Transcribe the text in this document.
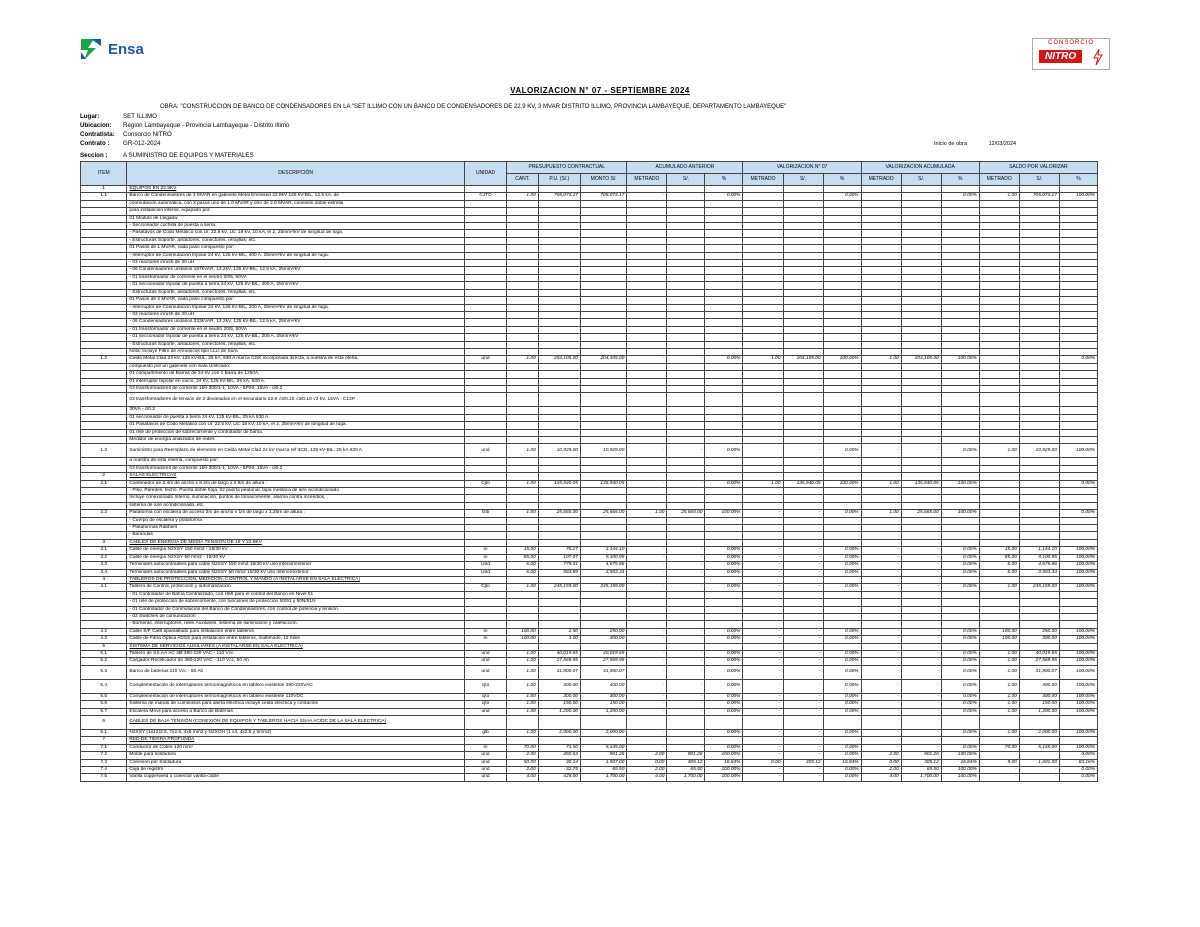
Ensa	CONSORCIO
NITRO
VALORIZACION N° 07 - SEPTIEMBRE 2024
OBRA: "CONSTRUCCION DE BANCO DE CONDENSADORES EN LA "SET ILLIMO CON UN BANCO DE CONDENSADORES DE 22.9 KV, 3 MVAR DISTRITO ILLIMO, PROVINCIA LAMBAYEQUE, DEPARTAMENTO LAMBAYEQUE"
Lugar:	SET ILLIMO
Ubicacion: Región Lambayeque - Provincia Lambayeque - Distrito Illimo
Contratista: Consorcio NITRO
Contrato : GR-012-2024
Seccion : A SUMINISTRO DE EQUIPOS Y MATERIALES
Inicio de obra	12/03/2024
ITEM	DESCRIPCIÓN	UNIDAD	PRESUPUESTO CONTRACTUAL			ACUMULADO ANTERIOR			VALORIZACION N° 07			VALORIZACION ACUMULADA			SALDO POR VALORIZAR		
			CANT.	P.U. (S/.)	MONTO S/.	METRADO	S/.	%	METRADO	S/.	%	METRADO	S/.	%	METRADO	S/.	%
1	EQUIPOS EN 22.9KV																
1.1	Banco de Condensadores de 3 MVAR en gabinete Metal Enclosed 22.9kV 125 kV-BIL, 12.5 kA, de	CJTO	1.00	705,073.17	705,073.17	-	-	0.00%		-	0.00%	-	-	0.00%	1.00	705,073.17	100.00%
	conmutación automática, con 2 pasos uno de 1.0 MVAR y otro de 2.0 MVAR, conexión doble estrella																
	para instalación interior, equipado por:																
	01 Modulo de Llegada:																
	- Seccionador cuchilla de puesta a tierra																
	- Pasatavos de Codo Metálico con Ui: 22.5 kV, Uc: 18 kV, 10 kA, el 2, 25mm²/kV de longitud de fuga.																
	- Estructuras Soporte, aisladores, conectores, rerajillas, etc.																
	01 Pasos de 1 MVAR, cada paso compuesto por:																
	- Interruptor de Conmutación tripolar 24 kV, 125 kV-BIL, 400 A, 25mm²/kV de longitud de fuga.																
	- 03 reactores inrush de 30 uH																
	- 06 Condensadores unitarios 167kVAR, 13.2kV, 125 kV-BIL, 12.5 kA, 25mm²/kV																
	- 01 transformador de corriente en el neutro 20/5, 50VA																
	- 01 seccionador tripolar de puesta a tierra 24 kV, 125 kV-BIL, 400 A, 25mm²/kV																
	- Estructuras Soporte, aisladores, conectores, rerajillas, etc.																
	01 Pasos de 2 MVAR, cada paso compuesto por:																
	- Interruptor de Conmutación tripolar 24 kV, 125 kV-BIL, 200 A, 25mm²/kV de longitud de fuga.																
	- 03 reactores inrush de 30 uH																
	- 06 Condensadores unitarios 333kVAR, 13.2kV, 125 kV-BIL, 12.5 kA, 25mm²/kV																
	- 01 transformador de corriente en el neutro 20/5, 50VA																
	- 01 seccionador tripolar de puesta a tierra 24 kV, 125 kV-BIL, 200 A, 25mm²/kV																
	- Estructuras Soporte, aisladores, conectores, rerajillas, etc.																
	Nota: Incluye Filtro de Armónicos tipo LLLI de Sura																
1.2	Celda Metal Clad 24 kV, 125 kV-BIL, 25 kA, 630 A marca CGK incorporada directa, a nuestra de esta oferta,	und	1.00	204,105.00	204,105.00	-	-	0.00%	1.00	204,105.00	100.00%	1.00	204,105.00	100.00%	-	-	0.00%
	compuesto por un gabinete con Sala Unificado:																
	01 compartimento de Barras de 24 kV con 1 Barra de 1250A.																
	01 interruptor tripolar en vacío, 24 kV, 125 kV-BIL, 25 kA, 630 A.																
	03 transformadores de corriente 150-300/1-1, 10VA - 5P20, 15VA - cl0.2																
	03 transformadores de tensión de 2 devanados en el secundario 22.9 √3/0.10 √3/0.10 √3 kV, 15VA - C13P																
	30VA - cl0.2																
	01 seccionador de puesta a tierra 24 kV, 125 kV-BIL, 25 kA 630 A																
	01 Pasatavos de Codo Metálico con Ui: 22.5 kV, Uc: 18 kV, 10 kA, el 2, 25mm²/kV de longitud de fuga.																
	01 relé de protección de sobrecorriente y controlador de bahía.																
	Medidor de energía analizador de redes																
1.3	Suministro para Reemplazo de elemento en Celda Metal Clad 24 kV marca ref 3CG, 125 kV-BIL, 25 kA 630 A	und	1.00	10,929.00	10,929.00	-	-	0.00%		-	0.00%	-	-	0.00%	1.00	10,929.00	100.00%
	a nuestra de esta interna, compuesto por:																
	03 transformadores de corriente 150-300/1-1, 10VA - 5P20, 15VA - cl0.2																
2	SALAS ELECTRICAS																
2.1	Contenedor de 2.4m de ancho x 8.2m de largo x 2.9m de altura :	Cjto	1.00	135,940.05	135,940.05	-	-	0.00%	1.00	135,940.05	100.00%	1.00	135,940.05	100.00%	-	-	0.00%
	- Piso, Paredes, techo, Puerta doble hoja, 02 puerta peatonal, tapa metálica de aire acondicionado																
	Incluye conexionado Interno, iluminación, puntos de tomacorriente, alarma contra incendios,																
	sistema de aire acondicionado, etc.																
2.2	Plataforma con escalera de acceso 2m de ancho x 1m de largo x 1.25m de altura :	Glb	1.00	25,665.00	25,665.00	1.00	25,665.00	100.00%	-	-	0.00%	1.00	25,665.00	100.00%	-	-	0.00%
	- Cuerpo de escalera y plataforma																
	- Plataformas Rabbers																
	- Barandas																
3	CABLES DE ENERGIA DE MEDIA TENSIÓN DE 18 Y 22.9KV																
3.1	Cable de energía N2XSY 150 mm2 - 18/30 kV	m	15.00	76.27	1,144.10	-	-	0.00%	-	-	0.00%	-	-	0.00%	15.00	1,144.10	100.00%
3.2	Cable de energía N2XSY 50 mm2 - 18/30 kV	m	85.00	107.07	9,100.95	-	-	0.00%	-	-	0.00%	-	-	0.00%	85.00	9,100.95	100.00%
3.3	Terminales autocontraibles para cable N2XSY 150 mm2 18/30 kV uso interior/exterior	Und	6.00	779.31	4,675.86	-	-	0.00%	-	-	0.00%	-	-	0.00%	6.00	4,675.86	100.00%
3.4	Terminales autocontraibles para cable N2XSY 50 mm2 18/30 kV uso interior/exterior	Und	6.00	583.89	3,503.34	-	-	0.00%	-	-	0.00%	-	-	0.00%	6.00	3,503.34	100.00%
4	TABLEROS DE PROTECCIÓN, MEDICIÓN, CONTROL Y MANDO (A INSTALARSE EN SALA ELECTRICA)																
4.1	Tablero de Control, protección y automatización	Cjto	1.00	245,159.00	245,159.00	-	-	0.00%	-	-	0.00%	-	-	0.00%	1.00	245,159.00	100.00%
	- 01 Controlador de Bahía Centralizado, con HMI para el control del Banco en Nivel 01																
	- 01 relé de protección de sobrecorriente, con funciones de protección 50/51 y 50N/51N																
	- 01 Controlador de Conmutación del Banco de Condensadores, con control de potencia y tensión.																
	- 02 Switches de comunicación																
	- Borneras, interruptores, relés Auxiliares, sistema de iluminación y calefacción.																
4.2	Cable S/F Cat6 apantallado para instalación entre tableros	m	100.00	2.50	250.00	-	-	0.00%	-	-	0.00%	-	-	0.00%	100.00	250.00	100.00%
4.3	Cable de Fibra Óptica ADSS para instalación entre tableros, multimodo, 12 hilos	m	100.00	3.00	300.00	-	-	0.00%	-	-	0.00%	-	-	0.00%	100.00	300.00	100.00%
5	SISTEMA DE SERVICIOS AUXILIARES (A INSTALARSE EN SALA ELECTRICA)																
5.1	Tablero de SS.AA AC 3Ø 380-220 VAC - 110 Vcc	und	1.00	40,019.65	40,019.65	-	-	0.00%	-	-	0.00%	-	-	0.00%	1.00	40,019.65	100.00%
5.2	Cargador-Rectificador de 380-220 VAC - 110 Vcc, 50 Ah	und	1.00	27,569.95	27,569.95	-	-	0.00%	-	-	0.00%	-	-	0.00%	1.00	27,569.95	100.00%
5.3	Banco de baterías 110 Vcc - 50 Ah	und	1.00	31,900.07	31,900.07	-	-	0.00%	-	-	0.00%	-	-	0.00%	1.00	31,900.07	100.00%
5.4	Complementación de interruptores termomagnéticos en tablero existente 380-220VAC	cjto	1.00	400.00	400.00	-	-	0.00%	-	-	0.00%	-	-	0.00%	1.00	400.00	100.00%
5.5	Complementación de interruptores termomagnéticos en tablero existente 110VDC	cjto	1.00	300.00	300.00	-	-	0.00%	-	-	0.00%	-	-	0.00%	1.00	300.00	100.00%
5.6	Sistema de mando de Luminosos para alerta eléctrica incluye celda eléctrica y contactos	cjto	1.00	150.00	150.00	-	-	0.00%	-	-	0.00%	-	-	0.00%	1.00	150.00	100.00%
5.7	Escalera Móvil para acceso a Banco de Baterías	und	1.00	1,200.00	1,200.00	-	-	0.00%	-	-	0.00%	-	-	0.00%	1.00	1,200.00	100.00%
6	CABLES DE BAJA TENSIÓN (CONEXIÓN DE EQUIPOS Y TABLEROS HACIA SSAA AC/DC DE LA SALA ELECTRICA)																
6.1	N2XSY (1x12)2.5, 7x2.5, 4x6 mm2 y N2XOH (1 x4, 4x2.5 y 5mm2)	glb	1.00	2,000.00	2,000.00	-	-	0.00%	-	-	0.00%	-	-	0.00%	1.00	2,000.00	100.00%
7	RED DE TIERRA PROFUNDA																
7.1	Conductor de Cobre 120 mm²	m	70.00	73.50	5,145.00	-	-	0.00%	-	-	0.00%	-	-	0.00%	70.00	5,145.00	100.00%
7.2	Molde para soldadura	und	2.00	450.63	901.26	2.00	901.26	100.00%	-	-	0.00%	2.00	901.26	100.00%	-	-	0.00%
7.3	Conexión por Soldadura	und	50.00	30.14	1,507.00	0.00	305.12	16.84%	0.00	305.12	16.84%	0.00	305.12	16.84%	9.00	1,601.00	83.16%
7.4	Caja de registro	und	2.00	32.75	65.50	2.00	65.50	100.00%	-	-	0.00%	2.00	65.50	100.00%	-	-	0.00%
7.5	Varilla copperweld o conector varilla-cable	und	4.00	425.00	1,700.00	4.00	1,700.00	100.00%	-	-	0.00%	4.00	1,700.00	100.00%	-	-	0.00%
